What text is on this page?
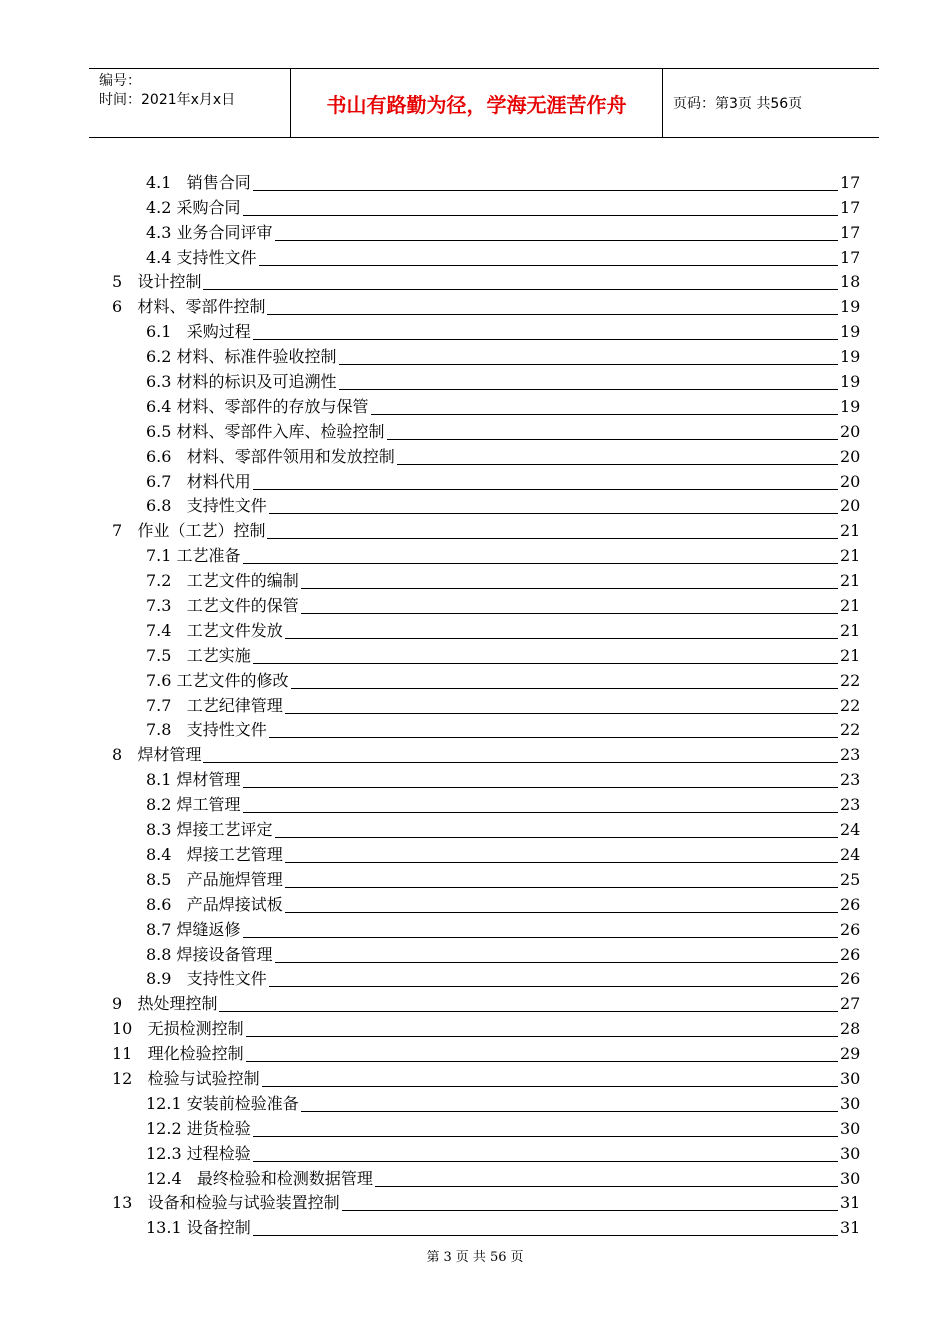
编号：
时间：2021年x月x日	书山有路勤为径，学海无涯苦作舟	页码：第3页 共56页
4.1 销售合同	17
4.2 采购合同	17
4.3 业务合同评审	17
4.4 支持性文件	17
5 设计控制	18
6 材料、零部件控制	19
6.1 采购过程	19
6.2 材料、标准件验收控制	19
6.3 材料的标识及可追溯性	19
6.4 材料、零部件的存放与保管	19
6.5 材料、零部件入库、检验控制	20
6.6 材料、零部件领用和发放控制	20
6.7 材料代用	20
6.8 支持性文件	20
7 作业（工艺）控制	21
7.1 工艺准备	21
7.2 工艺文件的编制	21
7.3 工艺文件的保管	21
7.4 工艺文件发放	21
7.5 工艺实施	21
7.6 工艺文件的修改	22
7.7 工艺纪律管理	22
7.8 支持性文件	22
8 焊材管理	23
8.1 焊材管理	23
8.2 焊工管理	23
8.3 焊接工艺评定	24
8.4 焊接工艺管理	24
8.5 产品施焊管理	25
8.6 产品焊接试板	26
8.7 焊缝返修	26
8.8 焊接设备管理	26
8.9 支持性文件	26
9 热处理控制	27
10 无损检测控制	28
11 理化检验控制	29
12 检验与试验控制	30
12.1 安装前检验准备	30
12.2 进货检验	30
12.3 过程检验	30
12.4 最终检验和检测数据管理	30
13 设备和检验与试验装置控制	31
13.1 设备控制	31
第 3 页 共 56 页
